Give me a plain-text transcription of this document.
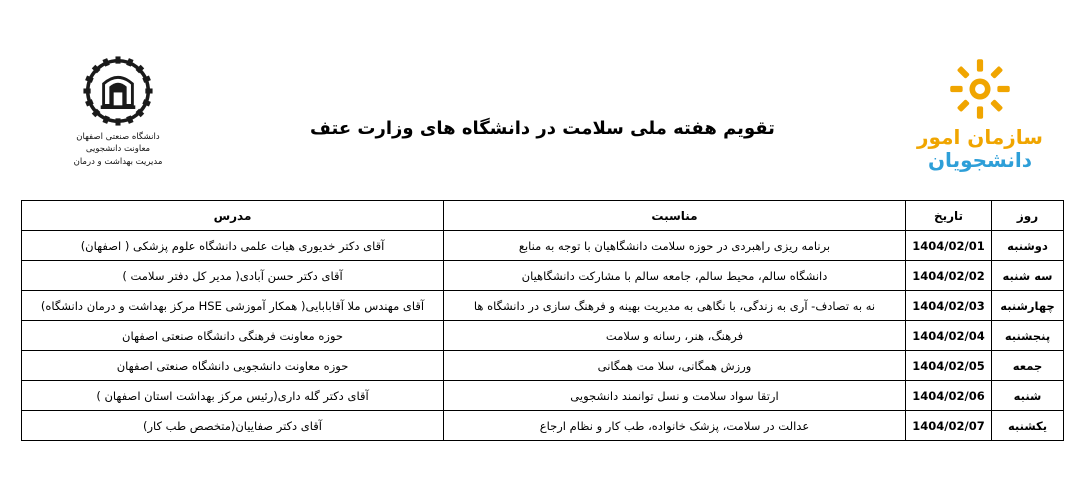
دانشگاه صنعتی اصفهان
معاونت دانشجویی
مدیریت بهداشت و درمان
سازمان امور
دانشجویان
تقویم هفته ملی سلامت در دانشگاه های وزارت عتف
روز	تاریخ	مناسبت	مدرس
دوشنبه	1404/02/01	برنامه ریزی راهبردی در حوزه سلامت دانشگاهیان با توجه به منابع	آقای دکتر خدیوری هیات علمی دانشگاه علوم پزشکی ( اصفهان)
سه شنبه	1404/02/02	دانشگاه سالم، محیط سالم، جامعه سالم با مشارکت دانشگاهیان	آقای دکتر حسن آبادی( مدیر کل دفتر سلامت )
چهارشنبه	1404/02/03	نه به تصادف- آری به زندگی، با نگاهی به مدیریت بهینه و فرهنگ سازی در دانشگاه ها	آقای مهندس ملا آقابابایی( همکار آموزشی HSE مرکز بهداشت و درمان دانشگاه)
پنجشنبه	1404/02/04	فرهنگ، هنر، رسانه و سلامت	حوزه معاونت فرهنگی دانشگاه صنعتی اصفهان
جمعه	1404/02/05	ورزش همگانی، سلا مت همگانی	حوزه معاونت دانشجویی دانشگاه صنعتی اصفهان
شنبه	1404/02/06	ارتقا سواد سلامت و نسل توانمند دانشجویی	آقای دکتر گله داری(رئیس مرکز بهداشت استان اصفهان )
یکشنبه	1404/02/07	عدالت در سلامت، پزشک خانواده، طب کار و نظام ارجاع	آقای دکتر صفاییان(متخصص طب کار)
